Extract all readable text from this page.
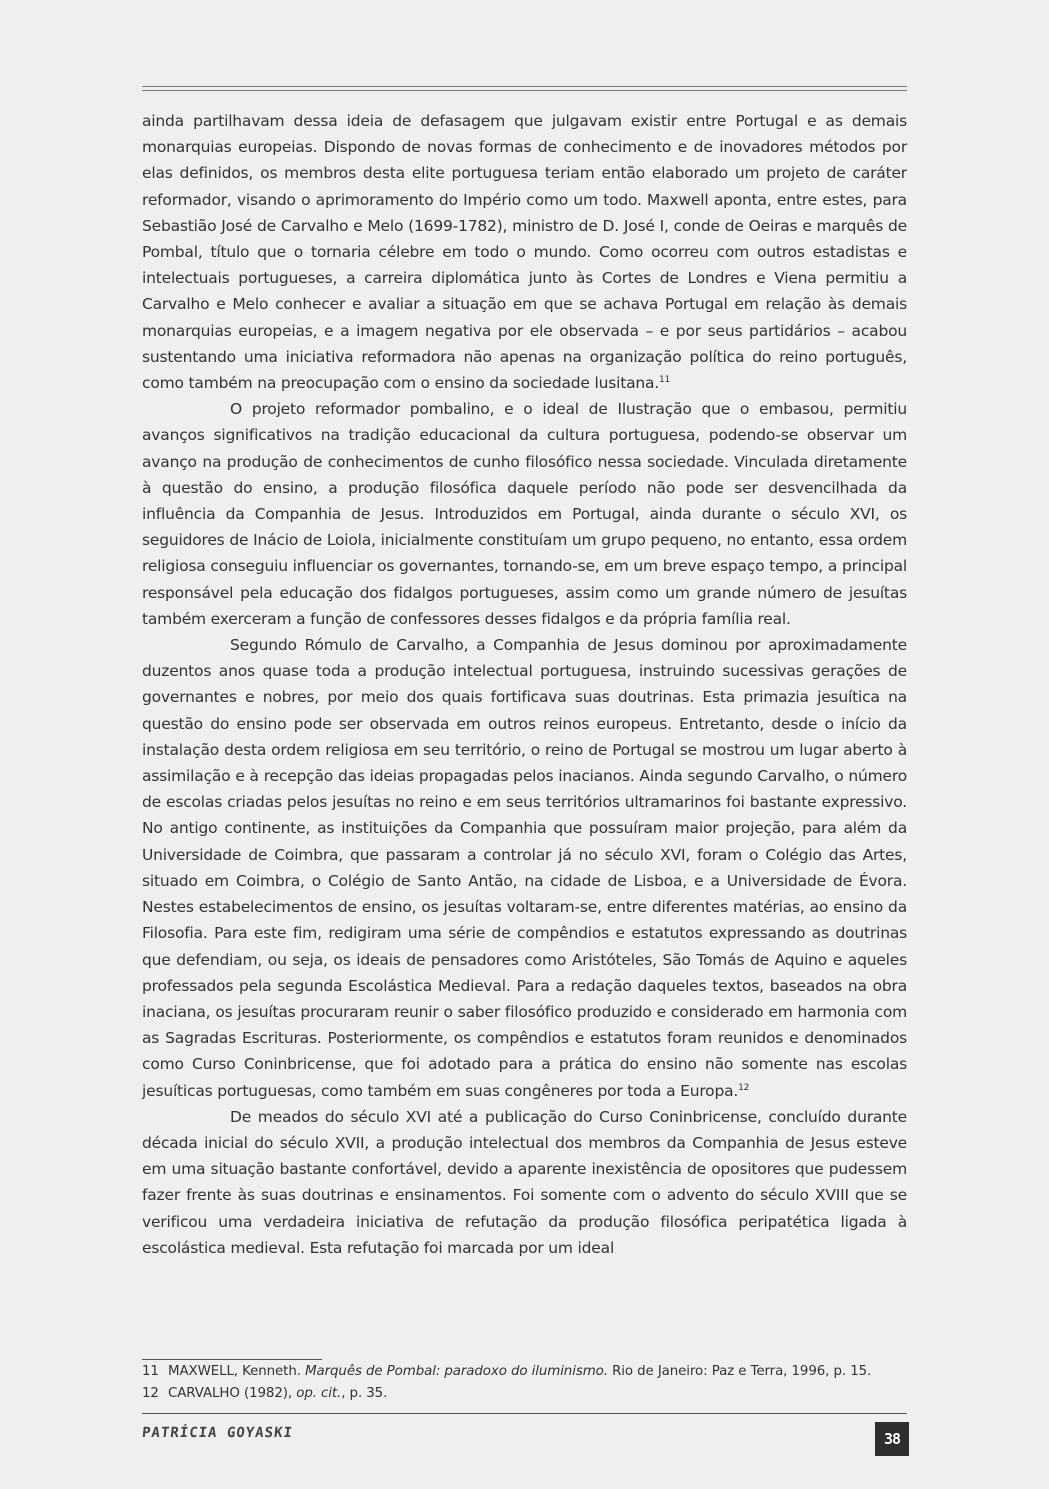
ainda partilhavam dessa ideia de defasagem que julgavam existir entre Portugal e as demais monarquias europeias. Dispondo de novas formas de conhecimento e de inovadores métodos por elas definidos, os membros desta elite portuguesa teriam então elaborado um projeto de caráter reformador, visando o aprimoramento do Império como um todo. Maxwell aponta, entre estes, para Sebastião José de Carvalho e Melo (1699-1782), ministro de D. José I, conde de Oeiras e marquês de Pombal, título que o tornaria célebre em todo o mundo. Como ocorreu com outros estadistas e intelectuais portugueses, a carreira diplomática junto às Cortes de Londres e Viena permitiu a Carvalho e Melo conhecer e avaliar a situação em que se achava Portugal em relação às demais monarquias europeias, e a imagem negativa por ele observada – e por seus partidários – acabou sustentando uma iniciativa reformadora não apenas na organização política do reino português, como também na preocupação com o ensino da sociedade lusitana.$^{11}$

O projeto reformador pombalino, e o ideal de Ilustração que o embasou, permitiu avanços significativos na tradição educacional da cultura portuguesa, podendo-se observar um avanço na produção de conhecimentos de cunho filosófico nessa sociedade. Vinculada diretamente à questão do ensino, a produção filosófica daquele período não pode ser desvencilhada da influência da Companhia de Jesus. Introduzidos em Portugal, ainda durante o século XVI, os seguidores de Inácio de Loiola, inicialmente constituíam um grupo pequeno, no entanto, essa ordem religiosa conseguiu influenciar os governantes, tornando-se, em um breve espaço tempo, a principal responsável pela educação dos fidalgos portugueses, assim como um grande número de jesuítas também exerceram a função de confessores desses fidalgos e da própria família real.

Segundo Rómulo de Carvalho, a Companhia de Jesus dominou por aproximadamente duzentos anos quase toda a produção intelectual portuguesa, instruindo sucessivas gerações de governantes e nobres, por meio dos quais fortificava suas doutrinas. Esta primazia jesuítica na questão do ensino pode ser observada em outros reinos europeus. Entretanto, desde o início da instalação desta ordem religiosa em seu território, o reino de Portugal se mostrou um lugar aberto à assimilação e à recepção das ideias propagadas pelos inacianos. Ainda segundo Carvalho, o número de escolas criadas pelos jesuítas no reino e em seus territórios ultramarinos foi bastante expressivo. No antigo continente, as instituições da Companhia que possuíram maior projeção, para além da Universidade de Coimbra, que passaram a controlar já no século XVI, foram o Colégio das Artes, situado em Coimbra, o Colégio de Santo Antão, na cidade de Lisboa, e a Universidade de Évora. Nestes estabelecimentos de ensino, os jesuítas voltaram-se, entre diferentes matérias, ao ensino da Filosofia. Para este fim, redigiram uma série de compêndios e estatutos expressando as doutrinas que defendiam, ou seja, os ideais de pensadores como Aristóteles, São Tomás de Aquino e aqueles professados pela segunda Escolástica Medieval. Para a redação daqueles textos, baseados na obra inaciana, os jesuítas procuraram reunir o saber filosófico produzido e considerado em harmonia com as Sagradas Escrituras. Posteriormente, os compêndios e estatutos foram reunidos e denominados como Curso Coninbricense, que foi adotado para a prática do ensino não somente nas escolas jesuíticas portuguesas, como também em suas congêneres por toda a Europa.$^{12}$

De meados do século XVI até a publicação do Curso Coninbricense, concluído durante década inicial do século XVII, a produção intelectual dos membros da Companhia de Jesus esteve em uma situação bastante confortável, devido a aparente inexistência de opositores que pudessem fazer frente às suas doutrinas e ensinamentos. Foi somente com o advento do século XVIII que se verificou uma verdadeira iniciativa de refutação da produção filosófica peripatética ligada à escolástica medieval. Esta refutação foi marcada por um ideal

11 MAXWELL, Kenneth. Marquês de Pombal: paradoxo do iluminismo. Rio de Janeiro: Paz e Terra, 1996, p. 15.
12 CARVALHO (1982), op. cit., p. 35.
PATRÍCIA GOYASKI	38
